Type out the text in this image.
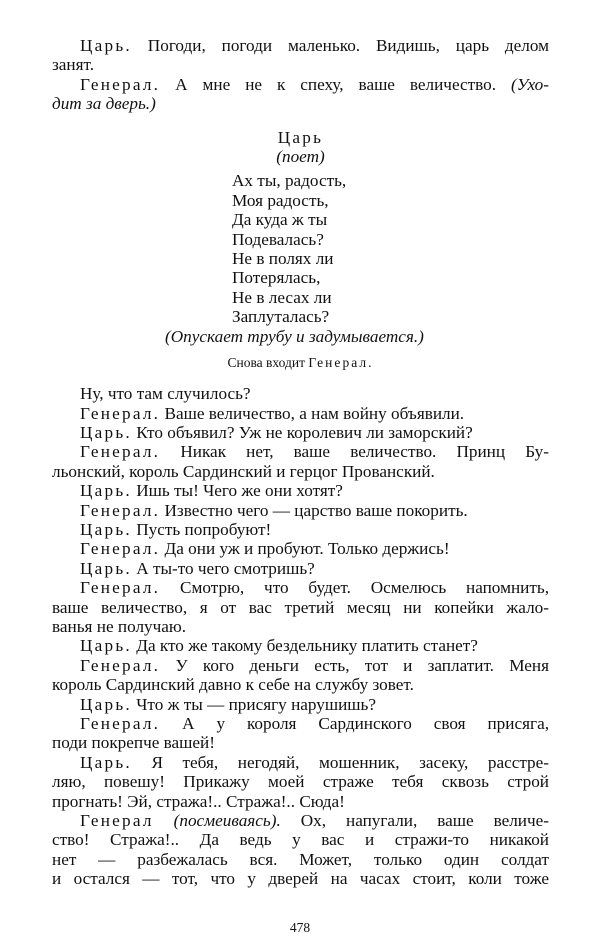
Царь. Погоди, погоди маленько. Видишь, царь делом
занят.
Генерал. А мне не к спеху, ваше величество. (Ухо-
дит за дверь.)
Царь
(поет)
Ах ты, радость,
Моя радость,
Да куда ж ты
Подевалась?
Не в полях ли
Потерялась,
Не в лесах ли
Заплуталась?
(Опускает трубу и задумывается.)
Снова входит Генерал.
Ну, что там случилось?
Генерал. Ваше величество, а нам войну объявили.
Царь. Кто объявил? Уж не королевич ли заморский?
Генерал. Никак нет, ваше величество. Принц Бу-
льонский, король Сардинский и герцог Прованский.
Царь. Ишь ты! Чего же они хотят?
Генерал. Известно чего — царство ваше покорить.
Царь. Пусть попробуют!
Генерал. Да они уж и пробуют. Только держись!
Царь. А ты-то чего смотришь?
Генерал. Смотрю, что будет. Осмелюсь напомнить,
ваше величество, я от вас третий месяц ни копейки жало-
ванья не получаю.
Царь. Да кто же такому бездельнику платить станет?
Генерал. У кого деньги есть, тот и заплатит. Меня
король Сардинский давно к себе на службу зовет.
Царь. Что ж ты — присягу нарушишь?
Генерал. А у короля Сардинского своя присяга,
поди покрепче вашей!
Царь. Я тебя, негодяй, мошенник, засеку, расстре-
ляю, повешу! Прикажу моей страже тебя сквозь строй
прогнать! Эй, стража!.. Стража!.. Сюда!
Генерал (посмеиваясь). Ох, напугали, ваше величе-
ство! Стража!.. Да ведь у вас и стражи-то никакой
нет — разбежалась вся. Может, только один солдат
и остался — тот, что у дверей на часах стоит, коли тоже
478
